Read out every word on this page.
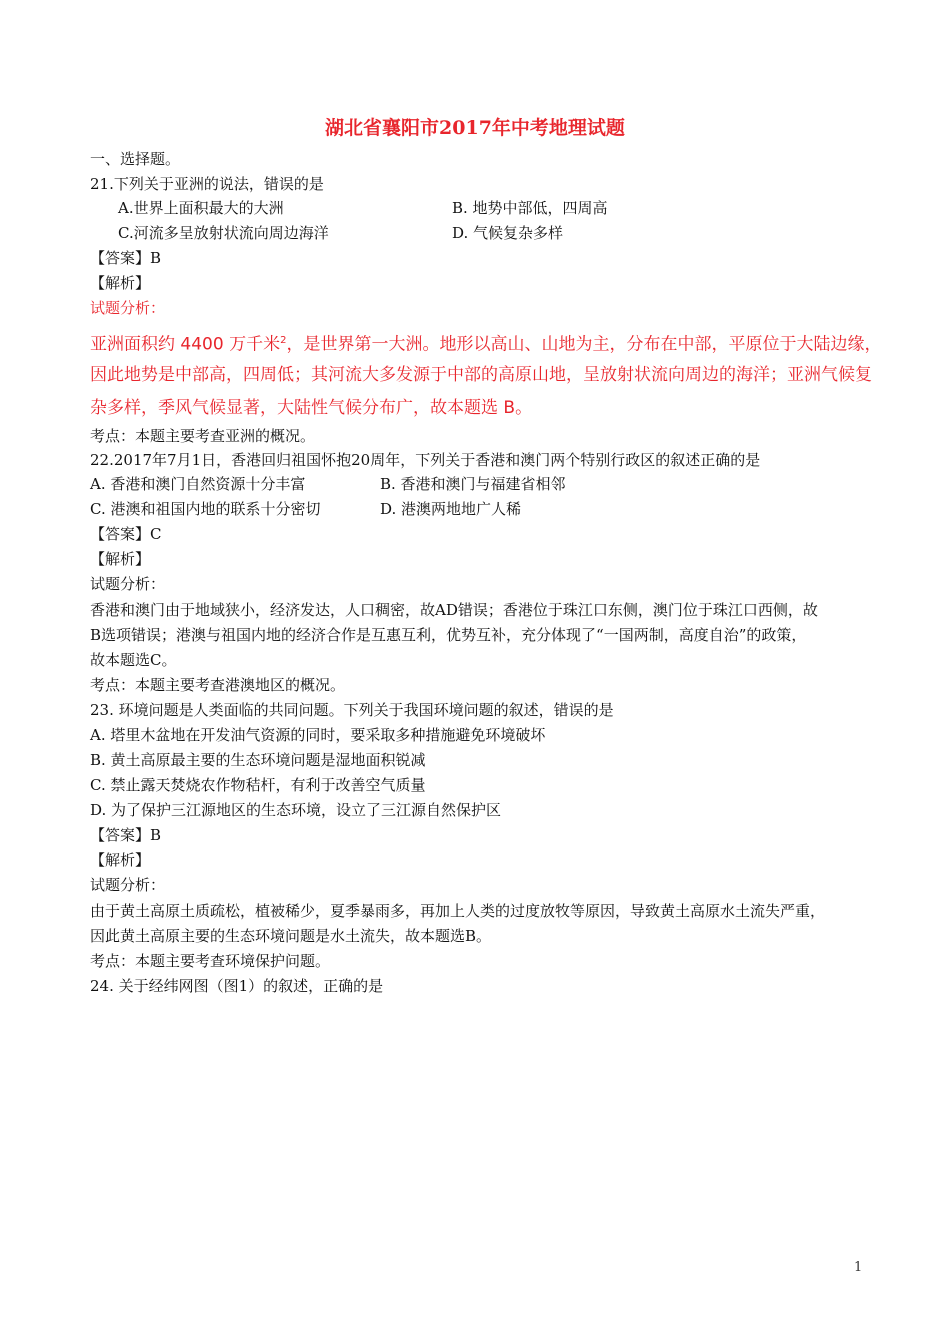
湖北省襄阳市2017年中考地理试题
一、选择题。
21.下列关于亚洲的说法，错误的是
A.世界上面积最大的大洲	B. 地势中部低，四周高
C.河流多呈放射状流向周边海洋	D. 气候复杂多样
【答案】B
【解析】
试题分析：
亚洲面积约 4400 万千米$^2$，是世界第一大洲。地形以高山、山地为主，分布在中部，平原位于大陆边缘，
因此地势是中部高，四周低；其河流大多发源于中部的高原山地，呈放射状流向周边的海洋；亚洲气候复
杂多样，季风气候显著，大陆性气候分布广，故本题选 B。
考点：本题主要考查亚洲的概况。
22.2017年7月1日，香港回归祖国怀抱20周年，下列关于香港和澳门两个特别行政区的叙述正确的是
A. 香港和澳门自然资源十分丰富	B. 香港和澳门与福建省相邻
C. 港澳和祖国内地的联系十分密切	D. 港澳两地地广人稀
【答案】C
【解析】
试题分析：
香港和澳门由于地域狭小，经济发达，人口稠密，故AD错误；香港位于珠江口东侧，澳门位于珠江口西侧，故
B选项错误；港澳与祖国内地的经济合作是互惠互利，优势互补，充分体现了“一国两制，高度自治”的政策，
故本题选C。
考点：本题主要考查港澳地区的概况。
23. 环境问题是人类面临的共同问题。下列关于我国环境问题的叙述，错误的是
A. 塔里木盆地在开发油气资源的同时，要采取多种措施避免环境破坏
B. 黄土高原最主要的生态环境问题是湿地面积锐减
C. 禁止露天焚烧农作物秸杆，有利于改善空气质量
D. 为了保护三江源地区的生态环境，设立了三江源自然保护区
【答案】B
【解析】
试题分析：
由于黄土高原土质疏松，植被稀少，夏季暴雨多，再加上人类的过度放牧等原因，导致黄土高原水土流失严重，
因此黄土高原主要的生态环境问题是水土流失，故本题选B。
考点：本题主要考查环境保护问题。
24. 关于经纬网图（图1）的叙述，正确的是
1
